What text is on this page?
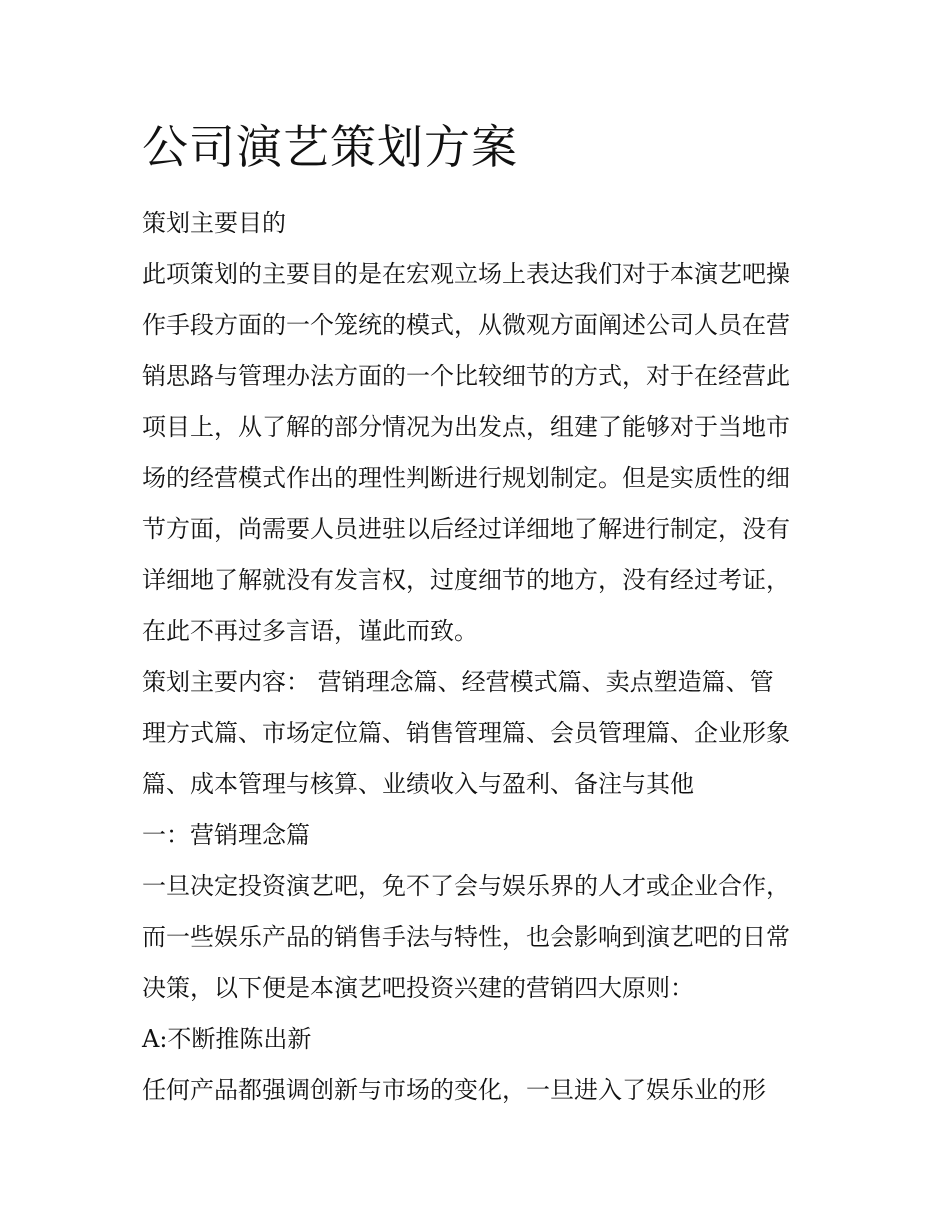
公司演艺策划方案

策划主要目的

此项策划的主要目的是在宏观立场上表达我们对于本演艺吧操

作手段方面的一个笼统的模式，从微观方面阐述公司人员在营

销思路与管理办法方面的一个比较细节的方式，对于在经营此

项目上，从了解的部分情况为出发点，组建了能够对于当地市

场的经营模式作出的理性判断进行规划制定。但是实质性的细

节方面，尚需要人员进驻以后经过详细地了解进行制定，没有

详细地了解就没有发言权，过度细节的地方，没有经过考证，

在此不再过多言语，谨此而致。

策划主要内容： 营销理念篇、经营模式篇、卖点塑造篇、管

理方式篇、市场定位篇、销售管理篇、会员管理篇、企业形象

篇、成本管理与核算、业绩收入与盈利、备注与其他

一：营销理念篇

一旦决定投资演艺吧，免不了会与娱乐界的人才或企业合作，

而一些娱乐产品的销售手法与特性，也会影响到演艺吧的日常

决策，以下便是本演艺吧投资兴建的营销四大原则：

A:不断推陈出新

任何产品都强调创新与市场的变化，一旦进入了娱乐业的形
